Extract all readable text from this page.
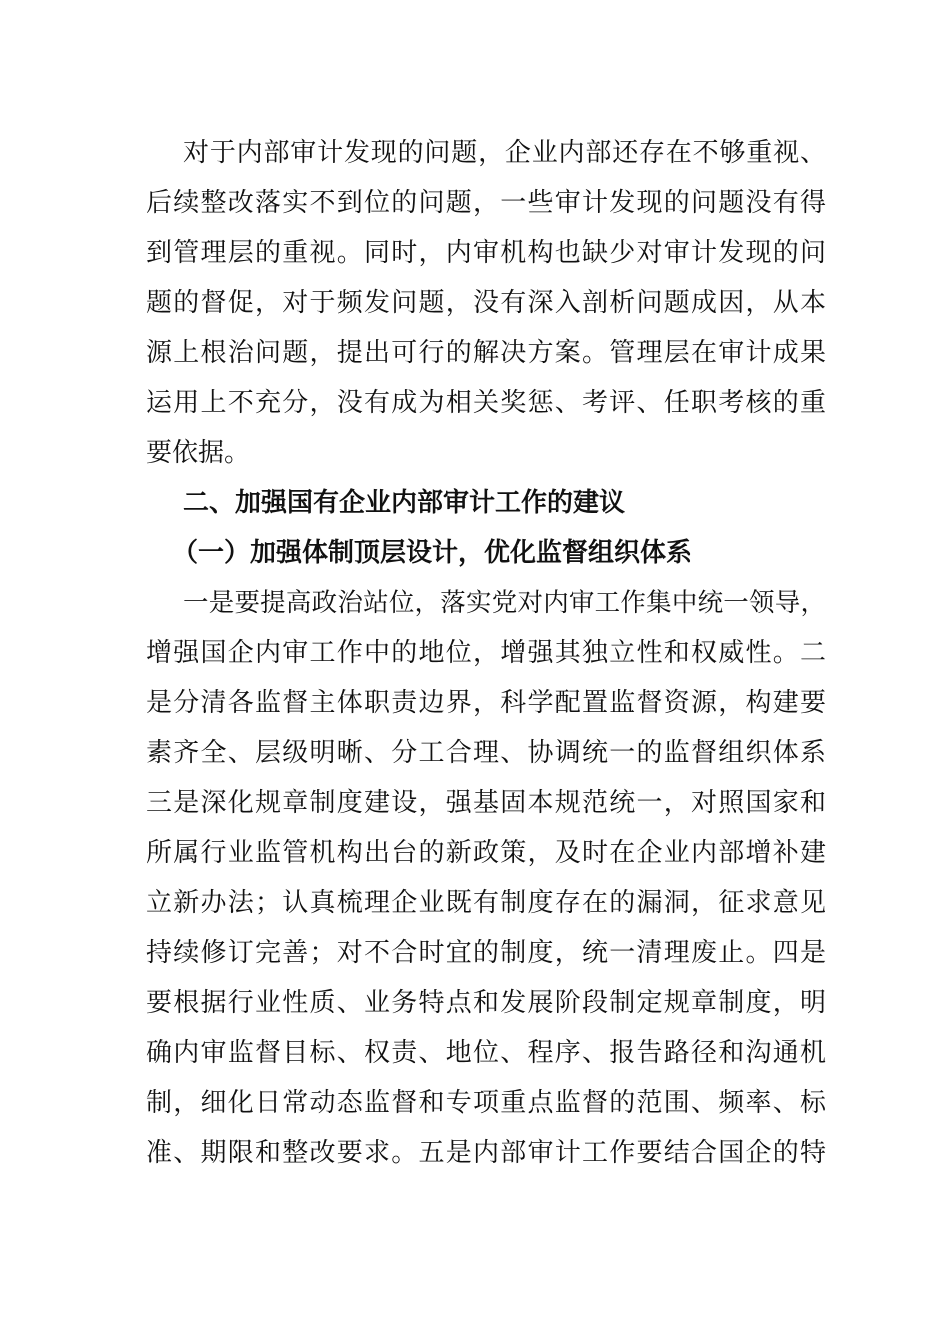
对于内部审计发现的问题，企业内部还存在不够重视、
后续整改落实不到位的问题，一些审计发现的问题没有得
到管理层的重视。同时，内审机构也缺少对审计发现的问
题的督促，对于频发问题，没有深入剖析问题成因，从本
源上根治问题，提出可行的解决方案。管理层在审计成果
运用上不充分，没有成为相关奖惩、考评、任职考核的重
要依据。
二、加强国有企业内部审计工作的建议
（一）加强体制顶层设计，优化监督组织体系
一是要提高政治站位，落实党对内审工作集中统一领导，
增强国企内审工作中的地位，增强其独立性和权威性。二
是分清各监督主体职责边界，科学配置监督资源，构建要
素齐全、层级明晰、分工合理、协调统一的监督组织体系
三是深化规章制度建设，强基固本规范统一，对照国家和
所属行业监管机构出台的新政策，及时在企业内部增补建
立新办法；认真梳理企业既有制度存在的漏洞，征求意见
持续修订完善；对不合时宜的制度，统一清理废止。四是
要根据行业性质、业务特点和发展阶段制定规章制度，明
确内审监督目标、权责、地位、程序、报告路径和沟通机
制，细化日常动态监督和专项重点监督的范围、频率、标
准、期限和整改要求。五是内部审计工作要结合国企的特
